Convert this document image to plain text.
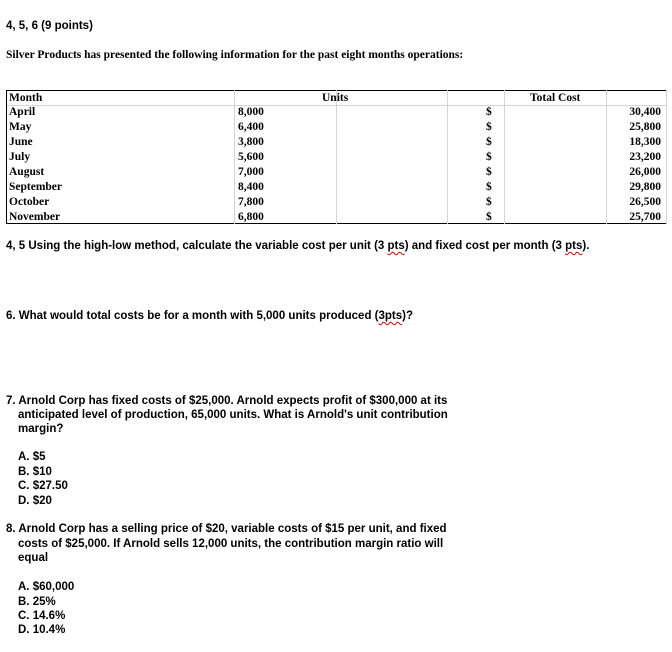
4, 5, 6 (9 points)
Silver Products has presented the following information for the past eight months operations:
Month	Units	Total Cost
April	8,000	$	30,400
May	6,400	$	25,800
June	3,800	$	18,300
July	5,600	$	23,200
August	7,000	$	26,000
September	8,400	$	29,800
October	7,800	$	26,500
November	6,800	$	25,700
4, 5 Using the high-low method, calculate the variable cost per unit (3 pts) and fixed cost per month (3 pts).
6. What would total costs be for a month with 5,000 units produced (3pts)?
7. Arnold Corp has fixed costs of $25,000. Arnold expects profit of $300,000 at its
anticipated level of production, 65,000 units. What is Arnold's unit contribution
margin?
A. $5
B. $10
C. $27.50
D. $20
8. Arnold Corp has a selling price of $20, variable costs of $15 per unit, and fixed
costs of $25,000. If Arnold sells 12,000 units, the contribution margin ratio will
equal
A. $60,000
B. 25%
C. 14.6%
D. 10.4%
